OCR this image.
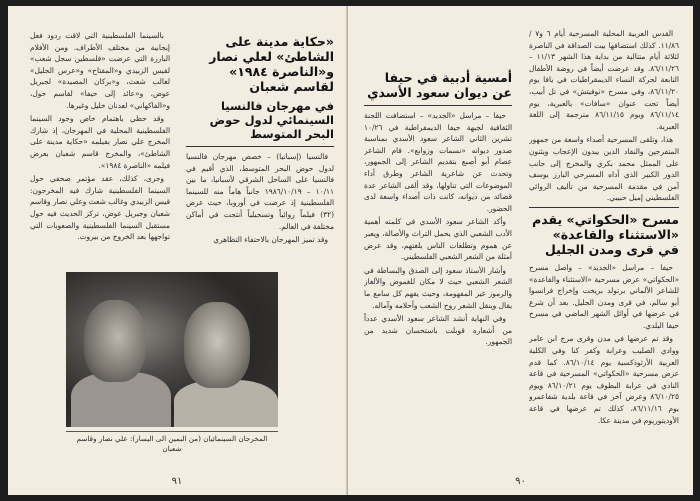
«حكاية مدينة على الشاطئ» لعلي نصار و«الناصرة ١٩٨٤» لقاسم شعبان

في مهرجان فالنسيا السينمائي لدول حوض البحر المتوسط

فالنسيا (إسبانيا) – خصص مهرجان فالنسيا لدول حوض البحر المتوسط، الذي أقيم في فالنسيا على الساحل الشرقي لأسبانيا، ما بين ١٠/١١ – ١٩٨٦/١٠/١٩ جانباً هاماً منه للسينما الفلسطينية إذ عرضت في أوروبا، حيث عرض (٣٢) فيلماً روائياً وتسجيلياً أنتجت في أماكن مختلفة في العالم.

وقد تميز المهرجان بالاحتفاء التظاهري

بالسينما الفلسطينية التي لاقت ردود فعل إيجابية من مختلف الأطراف. ومن الأفلام البارزة التي عرضت «فلسطين سجل شعب» لقيس الزبيدي و«المفتاح» و«عرس الجليل» لغالب شعث، و«بركان المصيدة» لجبريل عوض، و«عائد إلى حيفا» لقاسم حول، و«الفاكهاني» لعدنان خليل وغيرها.

وقد حظي باهتمام خاص وجود السينما الفلسطينية المحلية في المهرجان، إذ شارك المخرج علي نصار بفيلمه «حكاية مدينة على الشاطئ»، والمخرج قاسم شعبان بعرض فيلمه «الناصرة ١٩٨٤».

وجرى، كذلك، عقد مؤتمر صحفي حول السينما الفلسطينية شارك فيه المخرجون: قيس الزبيدي وغالب شعث وعلي نصار وقاسم شعبان وجبريل عوض، تركز الحديث فيه حول مستقبل السينما الفلسطينية والصعوبات التي تواجهها بعد الخروج من بيروت.

المخرجان السينمائيان (من اليمين الى اليسار): علي نصار وقاسم شعبان
٩١

القدس العربية المحلية المسرحية أيام ٦ و٧ /١١/٨٦. كذلك استضافها بيت الصداقة في الناصرة لثلاثة أيام متتالية من بداية هذا الشهر ١١/١٣ – ٨٦/١١/٢٦. وقد عرضت أيضاً في روضة الأطفال التابعة لحركة النساء الديمقراطيات في يافا يوم ٨٦/١١/٢٠، وفي مسرح «نوفيتش» في تل أبيب، أيضاً تحت عنوان «سافات» بالعبرية، يوم ٨٦/١١/١٤ ويوم ٨٦/١١/١٥ مترجمة إلى اللغة العبرية.

هذا، وتلقى المسرحية أصداء واسعة من جمهور المتفرجين والنقاد الذين يبدون الإعجاب ويثنون على الممثل محمد بكري والمخرج إلى جانب الدور الكبير الذي أداه المسرحي البارز يوسف آمن في مقدمة المسرحية من تأليف الروائي الفلسطيني إميل حبيبي.

مسرح «الحكواتي» يقدم «الاستثناء والقاعدة» في قرى ومدن الجليل

حيفا – مراسل «الجديد» – واصل مسرح «الحكواتي» عرض مسرحية «الاستثناء والقاعدة» للشاعر الألماني برتولد بريخت وإخراج فرانسوا أبو سالم، في قرى ومدن الجليل. بعد أن شرع في عرضها في أوائل الشهر الماضي في مسرح حيفا البلدي.

وقد تم عرضها في مدن وقرى مرج ابن عامر ووادي الصليب وعرابة وكفر كنا وفي الكلية العربية الأرثوذكسية يوم ٨٦/١٠/١٤. كما قدم عرض مسرحية «الحكواتي» المسرحية في قاعة النادي في عرابة البطوف يوم ٨٦/١٠/٢١ ويوم ٨٦/١٠/٢٥ وعرض آخر في قاعة بلدية شفاعمرو يوم ٨٦/١١/١٦، كذلك تم عرضها في قاعة الأوديتوريوم في مدينة عكا.

أمسية أدبية في حيفا عن ديوان سعود الأسدي

حيفا – مراسل «الجديد» – استضافت اللجنة الثقافية لجبهة حيفا الديمقراطية في ١٠/٢٦ تشرين الثاني الشاعر سعود الأسدي بمناسبة صدور ديوانه «نسمات وزوابع». قام الشاعر عصام أبو أصبع بتقديم الشاعر إلى الجمهور، وتحدث عن شاعرية الشاعر وطرق أداء الموضوعات التي تناولها، وقد ألقى الشاعر عدة قصائد من ديوانه، كانت ذات أصداء واسعة لدى الحضور.

وأكد الشاعر سعود الأسدي في كلمته أهمية الأدب الشعبي الذي يحمل التراث والأصالة، ويعبر عن هموم وتطلعات الناس بلغتهم، وقد عرض أمثلة من الشعر الشعبي الفلسطيني.

وأشار الأستاذ سعود إلى الصدق والبساطة في الشعر الشعبي حيث لا مكان للغموض والألغاز والرموز غير المفهومة، وحيث يفهم كل سامع ما يقال وينقل الشعر روح الشعب وأحلامه وآماله.

وفي النهاية أنشد الشاعر سعود الأسدي عدداً من أشعاره قوبلت باستحسان شديد من الجمهور.

٩٠
